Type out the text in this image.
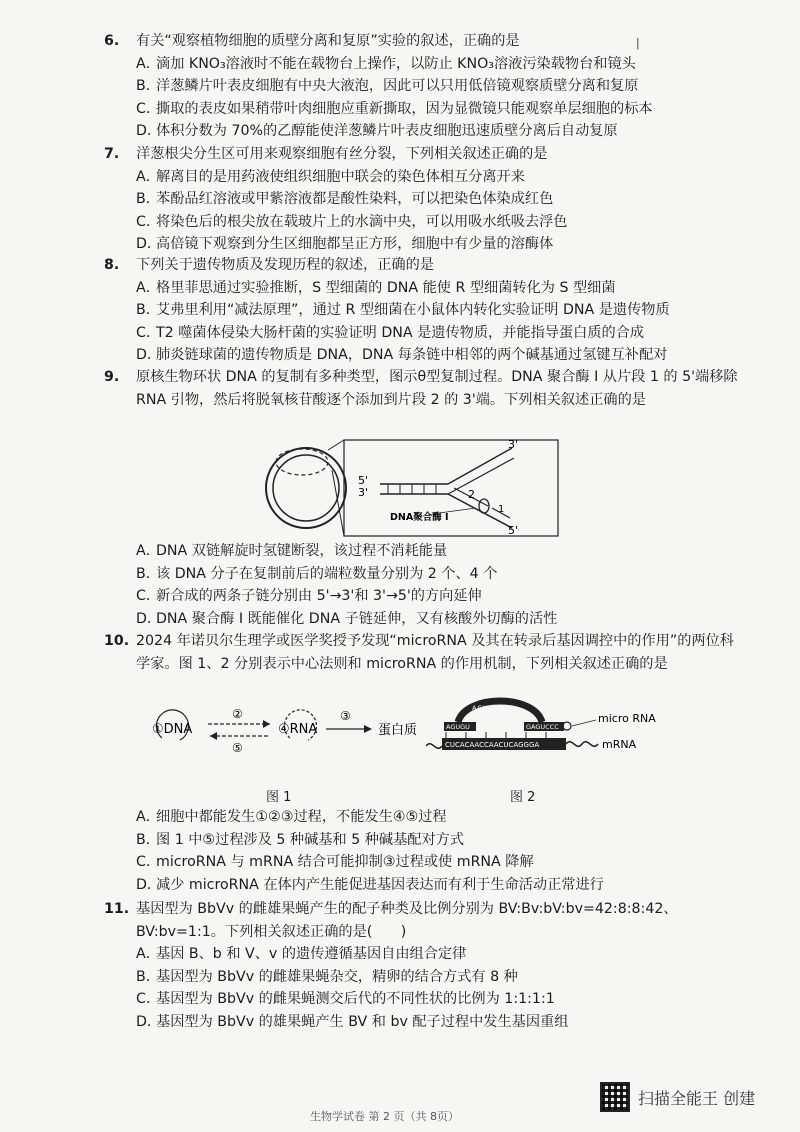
ǀ
6. 有关“观察植物细胞的质壁分离和复原”实验的叙述，正确的是
A．滴加 KNO₃溶液时不能在载物台上操作，以防止 KNO₃溶液污染载物台和镜头
B．洋葱鳞片叶表皮细胞有中央大液泡，因此可以只用低倍镜观察质壁分离和复原
C．撕取的表皮如果稍带叶肉细胞应重新撕取，因为显微镜只能观察单层细胞的标本
D．体积分数为 70%的乙醇能使洋葱鳞片叶表皮细胞迅速质壁分离后自动复原
7. 洋葱根尖分生区可用来观察细胞有丝分裂，下列相关叙述正确的是
A．解离目的是用药液使组织细胞中联会的染色体相互分离开来
B．苯酚品红溶液或甲紫溶液都是酸性染料，可以把染色体染成红色
C．将染色后的根尖放在载玻片上的水滴中央，可以用吸水纸吸去浮色
D．高倍镜下观察到分生区细胞都呈正方形，细胞中有少量的溶酶体
8. 下列关于遗传物质及发现历程的叙述，正确的是
A．格里菲思通过实验推断，S 型细菌的 DNA 能使 R 型细菌转化为 S 型细菌
B．艾弗里利用“减法原理”，通过 R 型细菌在小鼠体内转化实验证明 DNA 是遗传物质
C．T2 噬菌体侵染大肠杆菌的实验证明 DNA 是遗传物质，并能指导蛋白质的合成
D．肺炎链球菌的遗传物质是 DNA，DNA 每条链中相邻的两个碱基通过氢键互补配对
9. 原核生物环状 DNA 的复制有多种类型，图示θ型复制过程。DNA 聚合酶 I 从片段 1 的 5'端移除 RNA 引物，然后将脱氧核苷酸逐个添加到片段 2 的 3'端。下列相关叙述正确的是
3'
5'
3'	2
1
5'
DNA聚合酶 I
A．DNA 双链解旋时氢键断裂，该过程不消耗能量
B．该 DNA 分子在复制前后的端粒数量分别为 2 个、4 个
C．新合成的两条子链分别由 5'→3'和 3'→5'的方向延伸
D．DNA 聚合酶 I 既能催化 DNA 子链延伸，又有核酸外切酶的活性
10. 2024 年诺贝尔生理学或医学奖授予发现“microRNA 及其在转录后基因调控中的作用”的两位科学家。图 1、2 分别表示中心法则和 microRNA 的作用机制，下列相关叙述正确的是
①DNA
②
⑤
④RNA
③
蛋白质
ACUCCA
AGUGU	GAGUCCC
CUCACAACCAACUCAGGGA
micro RNA
mRNA
图 1	图 2
A．细胞中都能发生①②③过程，不能发生④⑤过程
B．图 1 中⑤过程涉及 5 种碱基和 5 种碱基配对方式
C．microRNA 与 mRNA 结合可能抑制③过程或使 mRNA 降解
D．减少 microRNA 在体内产生能促进基因表达而有利于生命活动正常进行
11. 基因型为 BbVv 的雌雄果蝇产生的配子种类及比例分别为 BV:Bv:bV:bv=42:8:8:42、BV:bv=1:1。下列相关叙述正确的是(　　)
A．基因 B、b 和 V、v 的遗传遵循基因自由组合定律
B．基因型为 BbVv 的雌雄果蝇杂交，精卵的结合方式有 8 种
C．基因型为 BbVv 的雌果蝇测交后代的不同性状的比例为 1:1:1:1
D．基因型为 BbVv 的雄果蝇产生 BV 和 bv 配子过程中发生基因重组
生物学试卷 第 2 页（共 8页）
扫描全能王 创建
